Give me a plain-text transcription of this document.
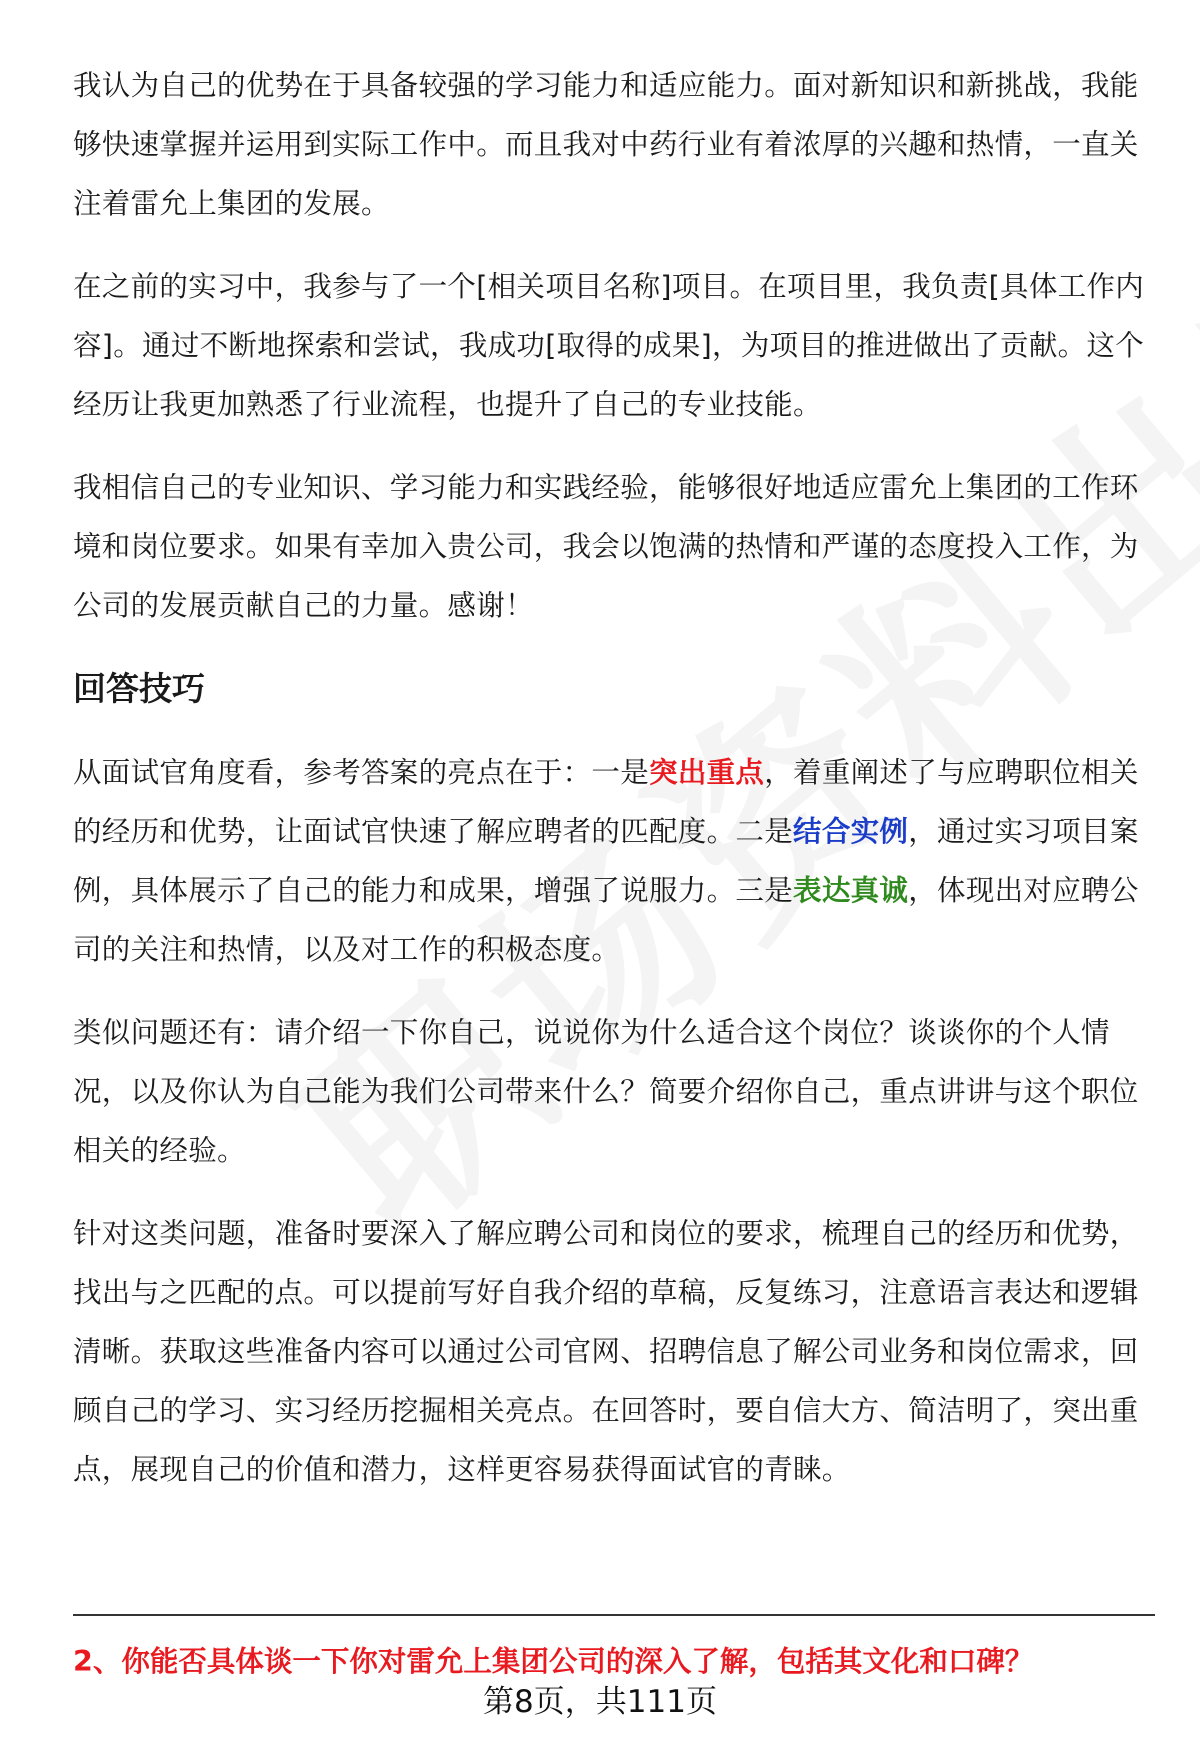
我认为自己的优势在于具备较强的学习能力和适应能力。面对新知识和新挑战，我能够快速掌握并运用到实际工作中。而且我对中药行业有着浓厚的兴趣和热情，一直关注着雷允上集团的发展。

在之前的实习中，我参与了一个[相关项目名称]项目。在项目里，我负责[具体工作内容]。通过不断地探索和尝试，我成功[取得的成果]，为项目的推进做出了贡献。这个经历让我更加熟悉了行业流程，也提升了自己的专业技能。

我相信自己的专业知识、学习能力和实践经验，能够很好地适应雷允上集团的工作环境和岗位要求。如果有幸加入贵公司，我会以饱满的热情和严谨的态度投入工作，为公司的发展贡献自己的力量。感谢！

回答技巧

从面试官角度看，参考答案的亮点在于：一是突出重点，着重阐述了与应聘职位相关的经历和优势，让面试官快速了解应聘者的匹配度。二是结合实例，通过实习项目案例，具体展示了自己的能力和成果，增强了说服力。三是表达真诚，体现出对应聘公司的关注和热情，以及对工作的积极态度。

类似问题还有：请介绍一下你自己，说说你为什么适合这个岗位？谈谈你的个人情况，以及你认为自己能为我们公司带来什么？简要介绍你自己，重点讲讲与这个职位相关的经验。

针对这类问题，准备时要深入了解应聘公司和岗位的要求，梳理自己的经历和优势，找出与之匹配的点。可以提前写好自我介绍的草稿，反复练习，注意语言表达和逻辑清晰。获取这些准备内容可以通过公司官网、招聘信息了解公司业务和岗位需求，回顾自己的学习、实习经历挖掘相关亮点。在回答时，要自信大方、简洁明了，突出重点，展现自己的价值和潜力，这样更容易获得面试官的青睐。

2、你能否具体谈一下你对雷允上集团公司的深入了解，包括其文化和口碑？
第8页，共111页
